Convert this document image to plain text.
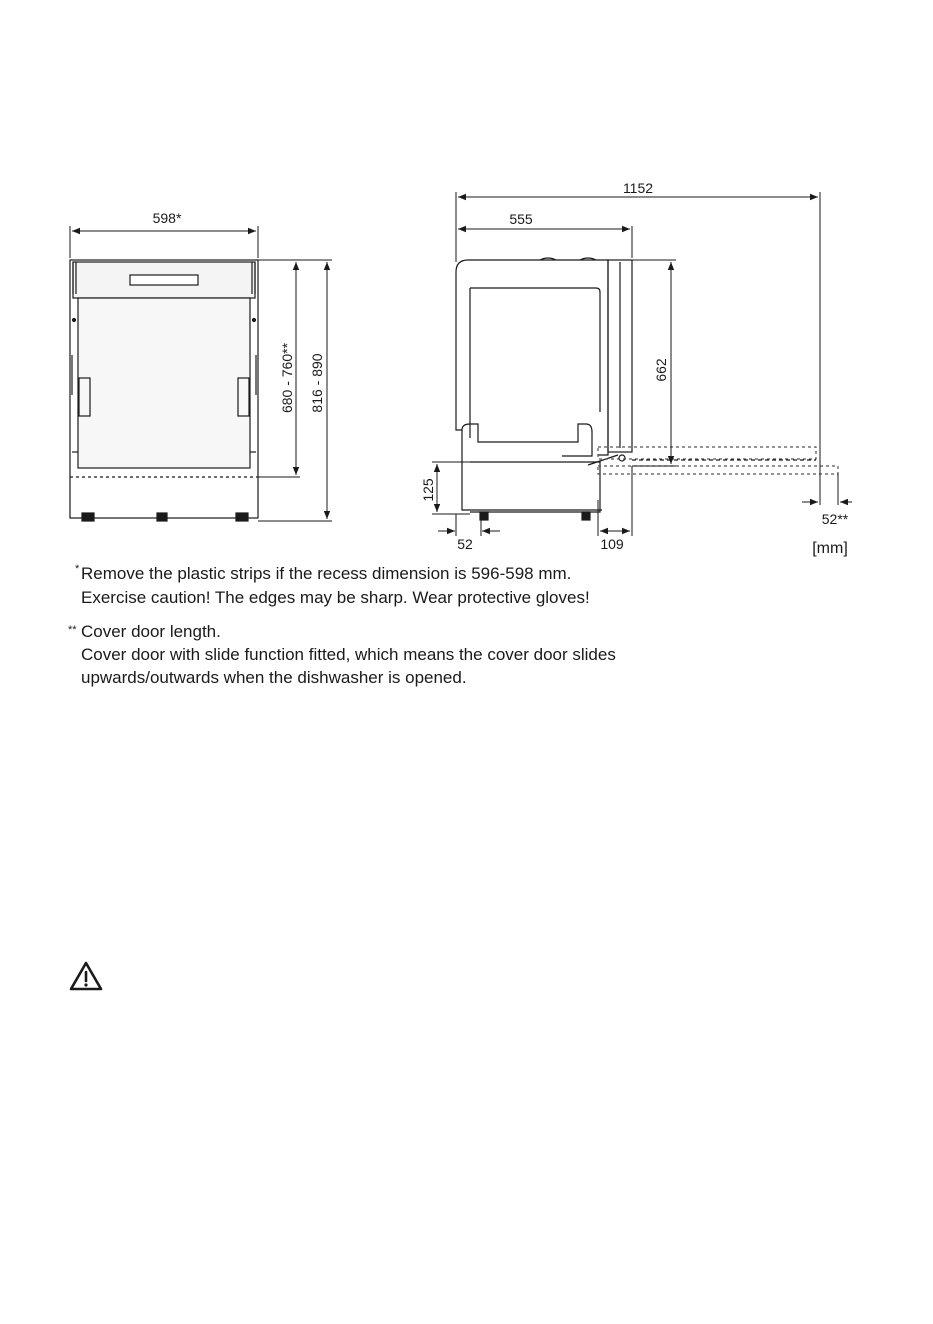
598*
680 - 760** 816 - 890
1152
555
662
125
52	109
52**
[mm]
* Remove the plastic strips if the recess dimension is 596-598 mm.
Exercise caution! The edges may be sharp. Wear protective gloves!
** Cover door length.
Cover door with slide function fitted, which means the cover door slides
upwards/outwards when the dishwasher is opened.
